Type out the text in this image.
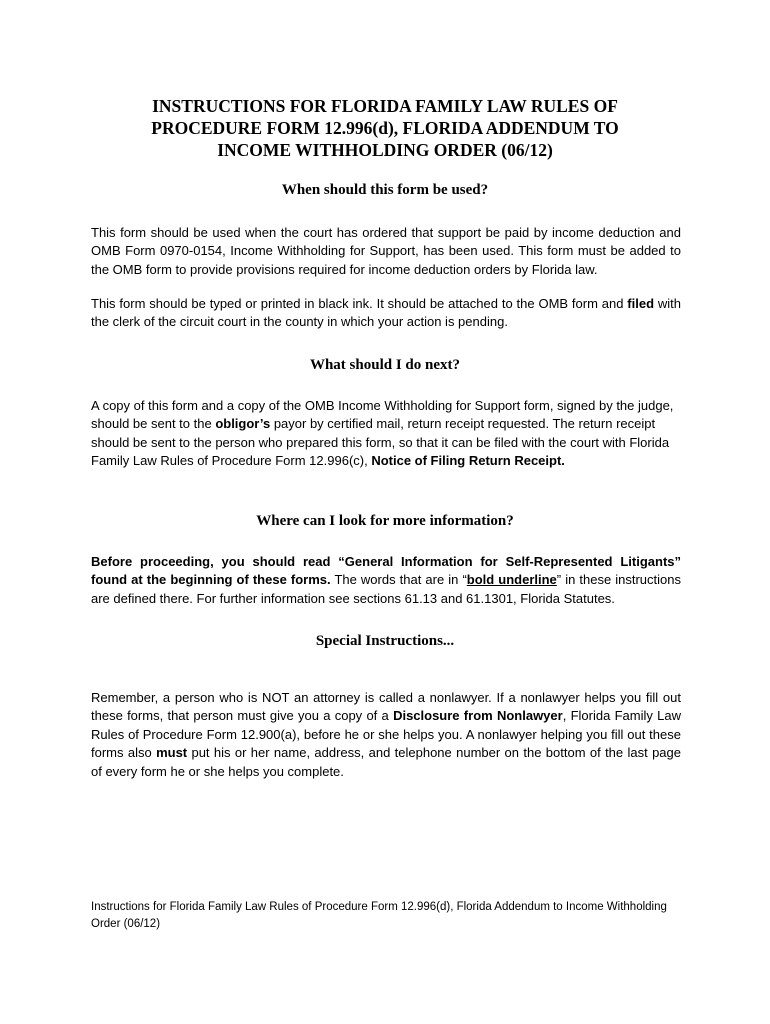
INSTRUCTIONS FOR FLORIDA FAMILY LAW RULES OF
PROCEDURE FORM 12.996(d), FLORIDA ADDENDUM TO
INCOME WITHHOLDING ORDER (06/12)
When should this form be used?
This form should be used when the court has ordered that support be paid by income deduction and OMB Form 0970-0154, Income Withholding for Support, has been used. This form must be added to the OMB form to provide provisions required for income deduction orders by Florida law.
This form should be typed or printed in black ink. It should be attached to the OMB form and filed with the clerk of the circuit court in the county in which your action is pending.
What should I do next?
A copy of this form and a copy of the OMB Income Withholding for Support form, signed by the judge, should be sent to the obligor’s payor by certified mail, return receipt requested. The return receipt should be sent to the person who prepared this form, so that it can be filed with the court with Florida Family Law Rules of Procedure Form 12.996(c), Notice of Filing Return Receipt.
Where can I look for more information?
Before proceeding, you should read “General Information for Self-Represented Litigants” found at the beginning of these forms. The words that are in “bold underline” in these instructions are defined there. For further information see sections 61.13 and 61.1301, Florida Statutes.
Special Instructions...
Remember, a person who is NOT an attorney is called a nonlawyer. If a nonlawyer helps you fill out these forms, that person must give you a copy of a Disclosure from Nonlawyer, Florida Family Law Rules of Procedure Form 12.900(a), before he or she helps you. A nonlawyer helping you fill out these forms also must put his or her name, address, and telephone number on the bottom of the last page of every form he or she helps you complete.
Instructions for Florida Family Law Rules of Procedure Form 12.996(d), Florida Addendum to Income Withholding Order (06/12)
